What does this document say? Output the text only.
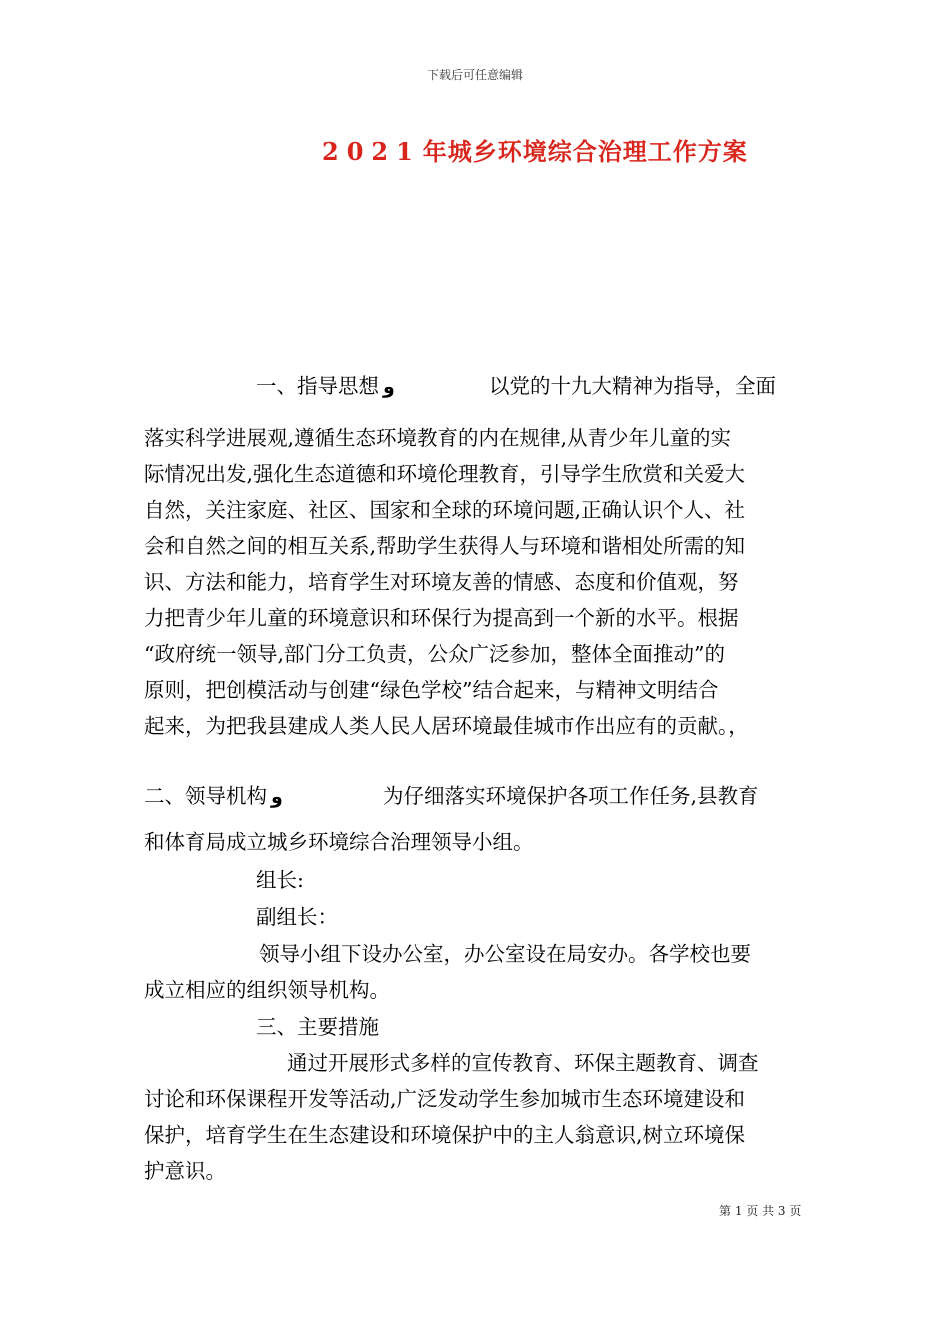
下载后可任意编辑
2021年城乡环境综合治理工作方案
一、指导思想 و	以党的十九大精神为指导，全面
落实科学进展观,遵循生态环境教育的内在规律,从青少年儿童的实
际情况出发,强化生态道德和环境伦理教育，引导学生欣赏和关爱大
自然，关注家庭、社区、国家和全球的环境问题,正确认识个人、社
会和自然之间的相互关系,帮助学生获得人与环境和谐相处所需的知
识、方法和能力，培育学生对环境友善的情感、态度和价值观，努
力把青少年儿童的环境意识和环保行为提高到一个新的水平。根据
“政府统一领导,部门分工负责，公众广泛参加，整体全面推动”的
原则，把创模活动与创建“绿色学校”结合起来，与精神文明结合
起来，为把我县建成人类人民人居环境最佳城市作出应有的贡献。，
二、领导机构 و	为仔细落实环境保护各项工作任务,县教育
和体育局成立城乡环境综合治理领导小组。
组长:
副组长：
领导小组下设办公室，办公室设在局安办。各学校也要
成立相应的组织领导机构。
三、主要措施
通过开展形式多样的宣传教育、环保主题教育、调查
讨论和环保课程开发等活动,广泛发动学生参加城市生态环境建设和
保护，培育学生在生态建设和环境保护中的主人翁意识,树立环境保
护意识。
第 1 页 共 3 页
